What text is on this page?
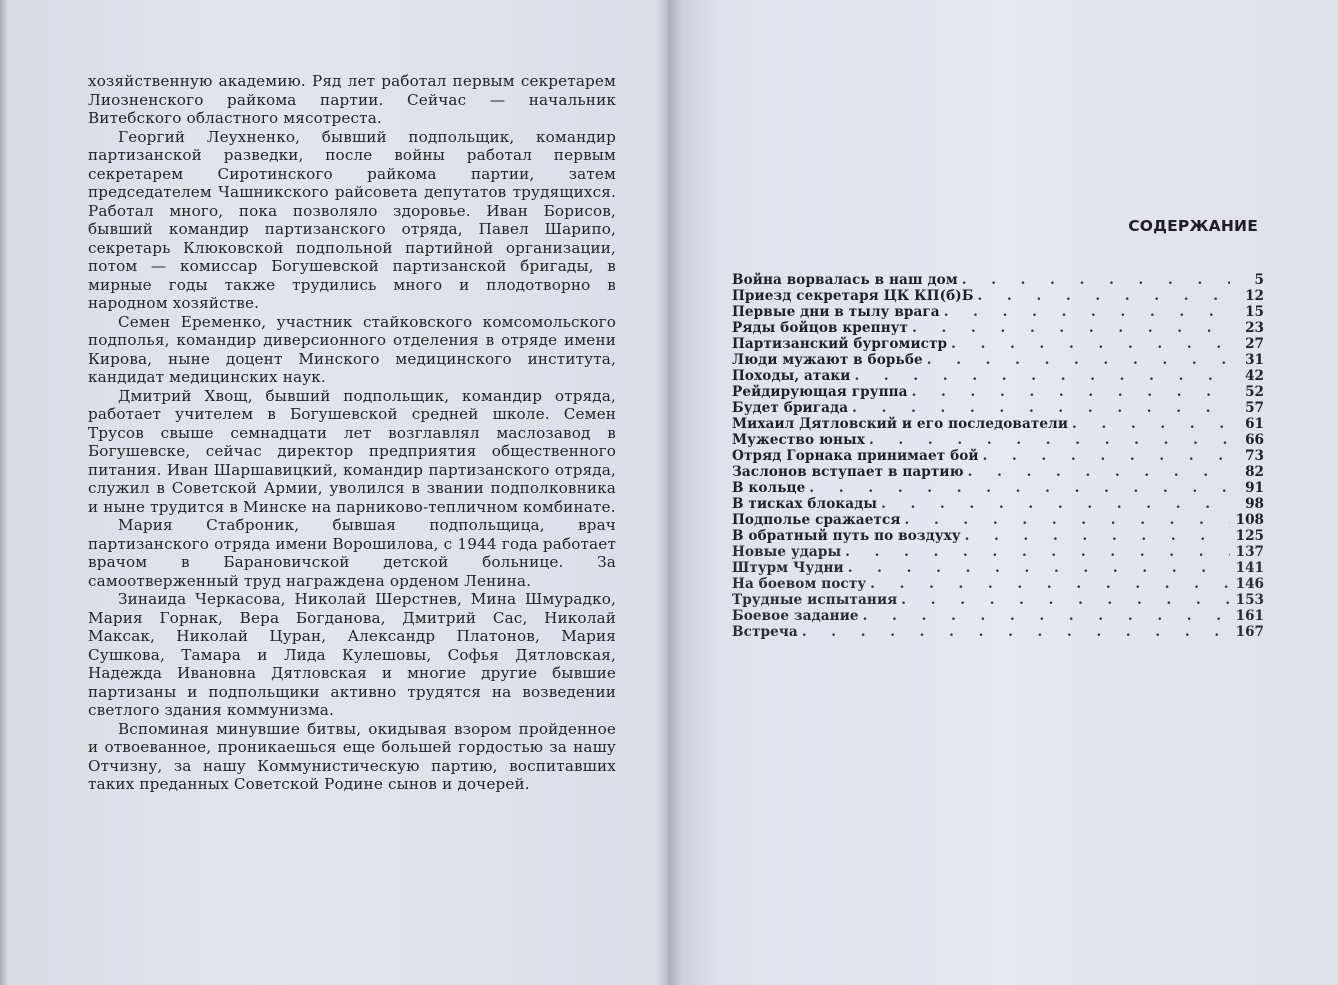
хозяйственную академию. Ряд лет работал первым секретарем Лиозненского райкома партии. Сейчас — начальник Витебского областного мясотреста.

Георгий Леухненко, бывший подпольщик, командир партизанской разведки, после войны работал первым секретарем Сиротинского райкома партии, затем председателем Чашникского райсовета депутатов трудящихся. Работал много, пока позволяло здоровье. Иван Борисов, бывший командир партизанского отряда, Павел Шарипо, секретарь Клюковской подпольной партийной организации, потом — комиссар Богушевской партизанской бригады, в мирные годы также трудились много и плодотворно в народном хозяйстве.

Семен Еременко, участник стайковского комсомольского подполья, командир диверсионного отделения в отряде имени Кирова, ныне доцент Минского медицинского института, кандидат медицинских наук.

Дмитрий Хвощ, бывший подпольщик, командир отряда, работает учителем в Богушевской средней школе. Семен Трусов свыше семнадцати лет возглавлял маслозавод в Богушевске, сейчас директор предприятия общественного питания. Иван Шаршавицкий, командир партизанского отряда, служил в Советской Армии, уволился в звании подполковника и ныне трудится в Минске на парниково-тепличном комбинате.

Мария Стаброник, бывшая подпольщица, врач партизанского отряда имени Ворошилова, с 1944 года работает врачом в Барановичской детской больнице. За самоотверженный труд награждена орденом Ленина.

Зинаида Черкасова, Николай Шерстнев, Мина Шмурадко, Мария Горнак, Вера Богданова, Дмитрий Сас, Николай Максак, Николай Цуран, Александр Платонов, Мария Сушкова, Тамара и Лида Кулешовы, Софья Дятловская, Надежда Ивановна Дятловская и многие другие бывшие партизаны и подпольщики активно трудятся на возведении светлого здания коммунизма.

Вспоминая минувшие битвы, окидывая взором пройденное и отвоеванное, проникаешься еще большей гордостью за нашу Отчизну, за нашу Коммунистическую партию, воспитавших таких преданных Советской Родине сынов и дочерей.

СОДЕРЖАНИЕ
Война ворвалась в наш дом . . .	5
Приезд секретаря ЦК КП(б)Б . . .	12
Первые дни в тылу врага . . .	15
Ряды бойцов крепнут . . .	23
Партизанский бургомистр . . .	27
Люди мужают в борьбе . . .	31
Походы, атаки . . .	42
Рейдирующая группа . . .	52
Будет бригада . . .	57
Михаил Дятловский и его последователи . . .	61
Мужество юных . . .	66
Отряд Горнака принимает бой . . .	73
Заслонов вступает в партию . . .	82
В кольце . . .	91
В тисках блокады . . .	98
Подполье сражается . . .	108
В обратный путь по воздуху . . .	125
Новые удары . . .	137
Штурм Чудни . . .	141
На боевом посту . . .	146
Трудные испытания . . .	153
Боевое задание . . .	161
Встреча . . .	167
